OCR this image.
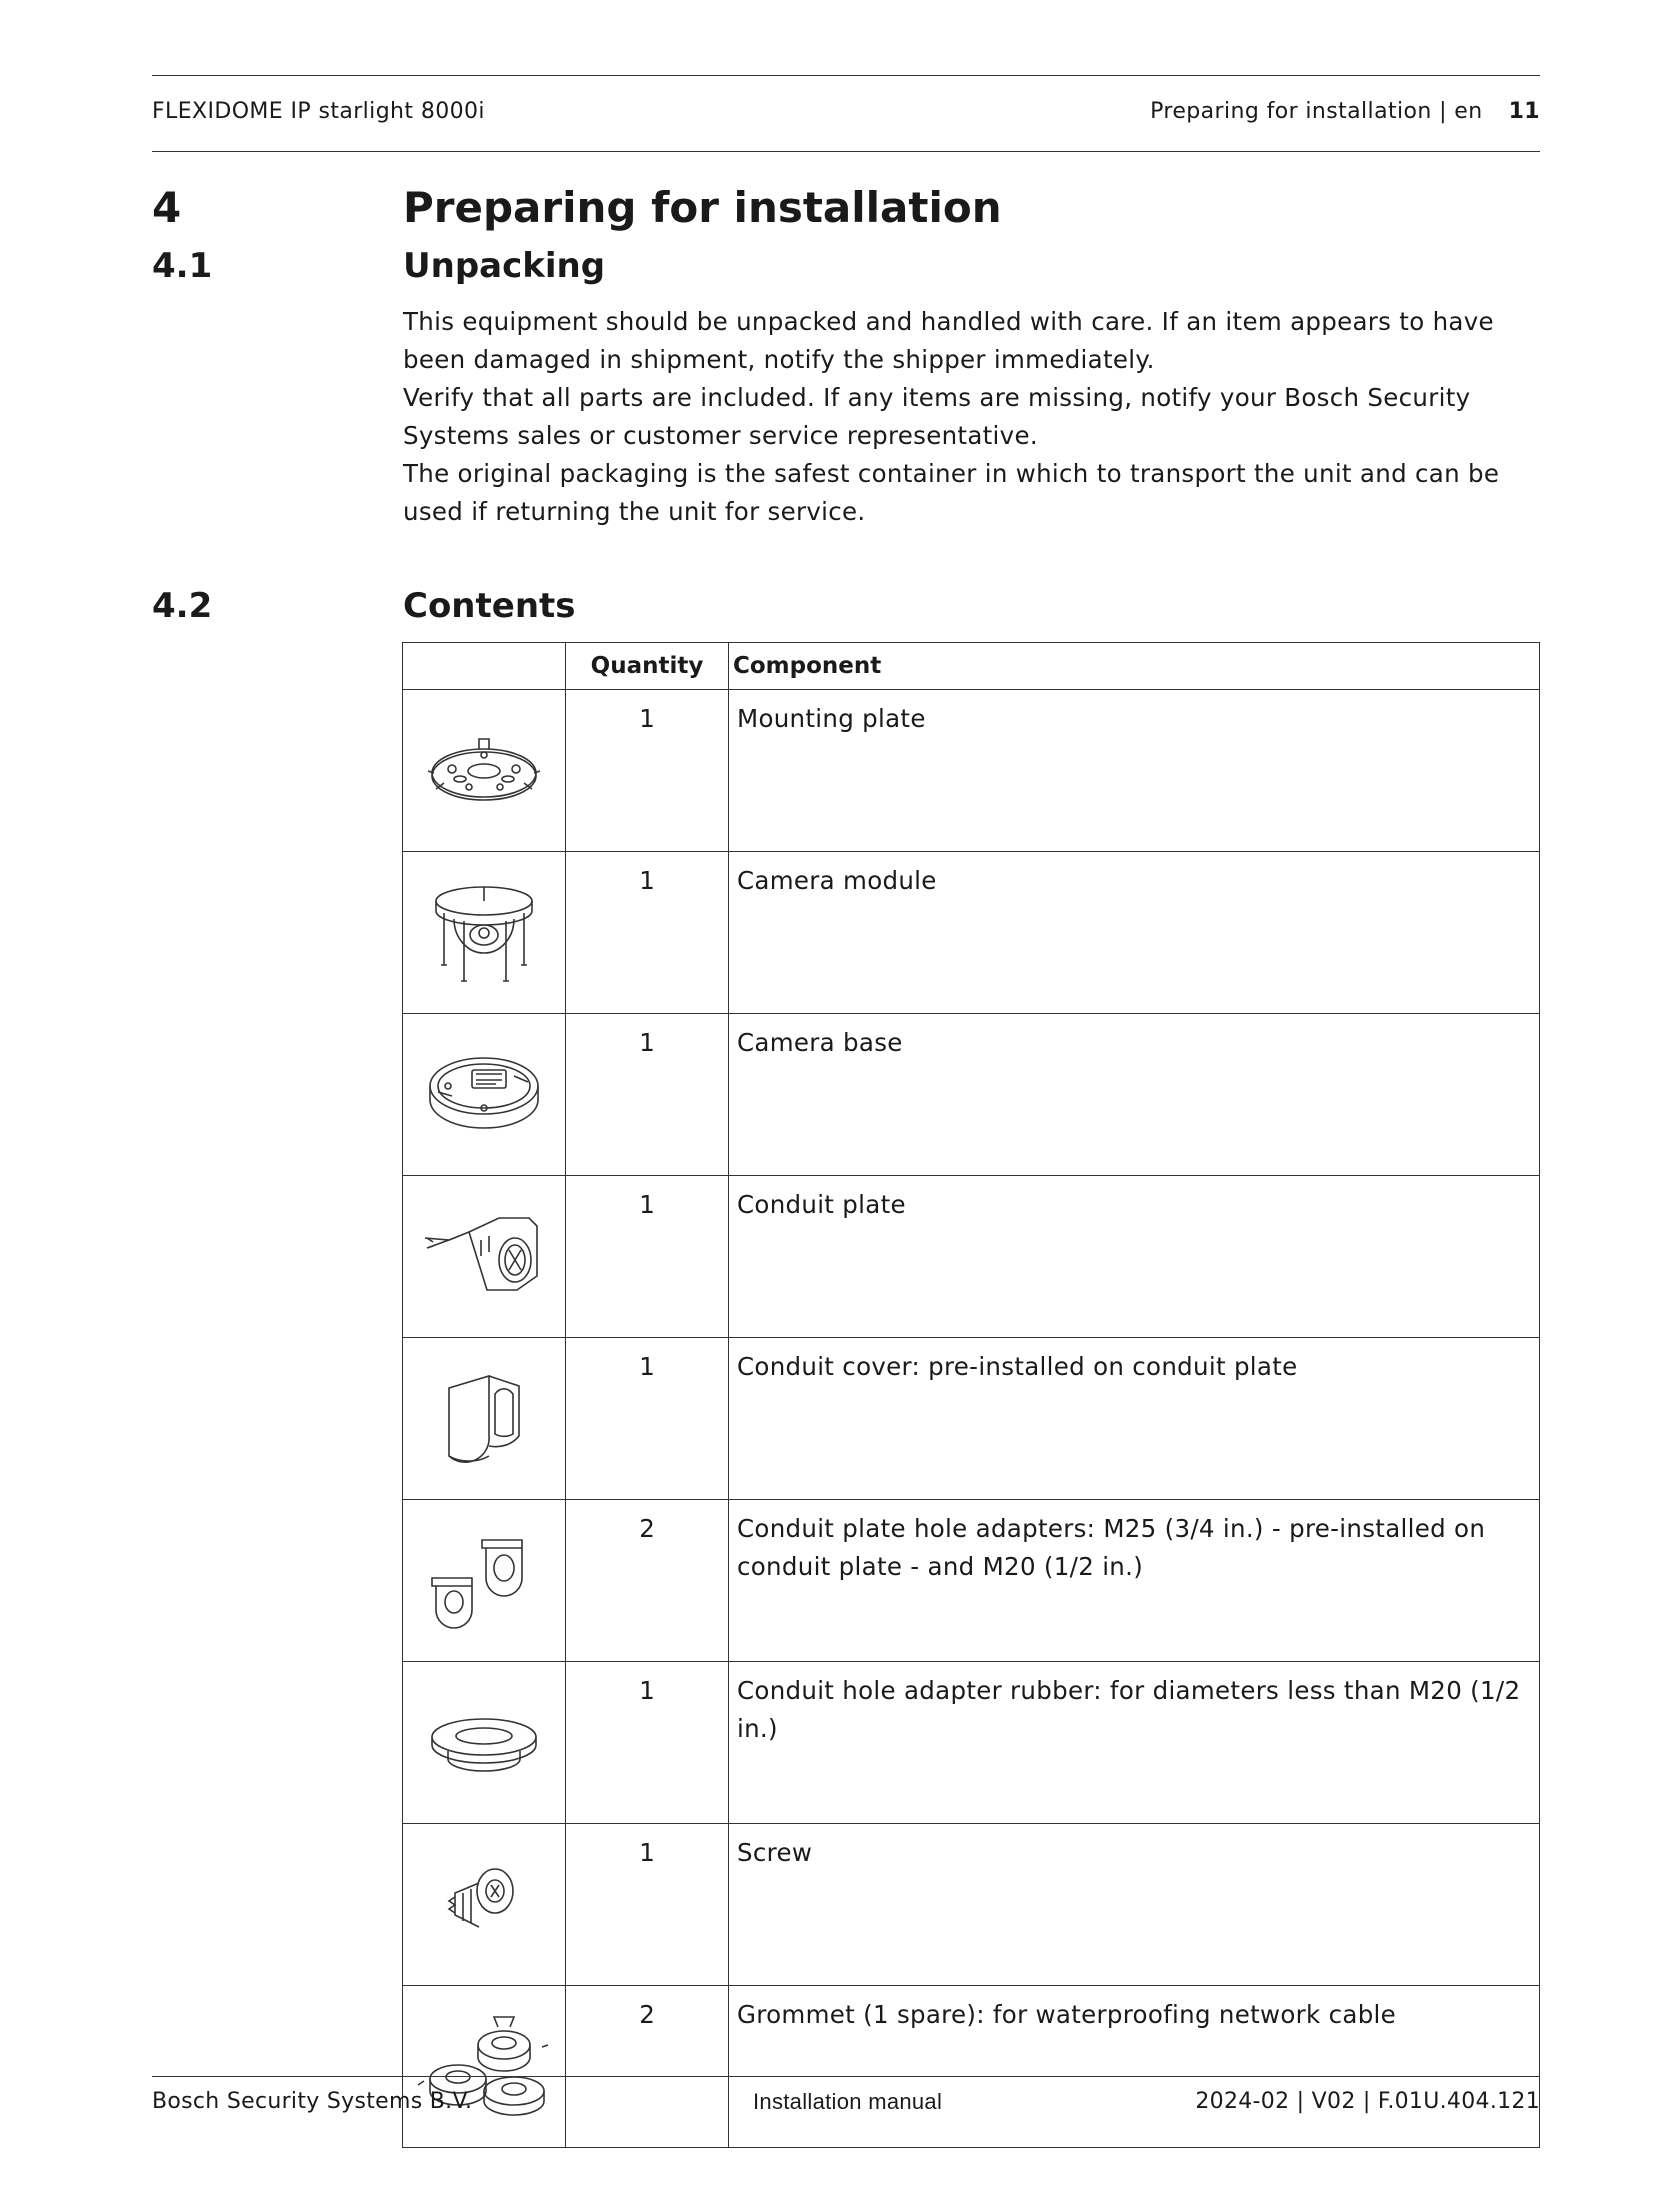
FLEXIDOME IP starlight 8000i	Preparing for installation | en 11
4	Preparing for installation
4.1	Unpacking

This equipment should be unpacked and handled with care. If an item appears to have been damaged in shipment, notify the shipper immediately.

Verify that all parts are included. If any items are missing, notify your Bosch Security Systems sales or customer service representative.

The original packaging is the safest container in which to transport the unit and can be used if returning the unit for service.

4.2	Contents
	Quantity	Component

	1	Mounting plate

	1	Camera module

	1	Camera base

	1	Conduit plate

	1	Conduit cover: pre-installed on conduit plate

	2	Conduit plate hole adapters: M25 (3/4 in.) - pre-installed on conduit plate - and M20 (1/2 in.)

	1	Conduit hole adapter rubber: for diameters less than M20 (1/2 in.)

	1	Screw

	2	Grommet (1 spare): for waterproofing network cable
Bosch Security Systems B.V.	Installation manual	2024-02 | V02 | F.01U.404.121
